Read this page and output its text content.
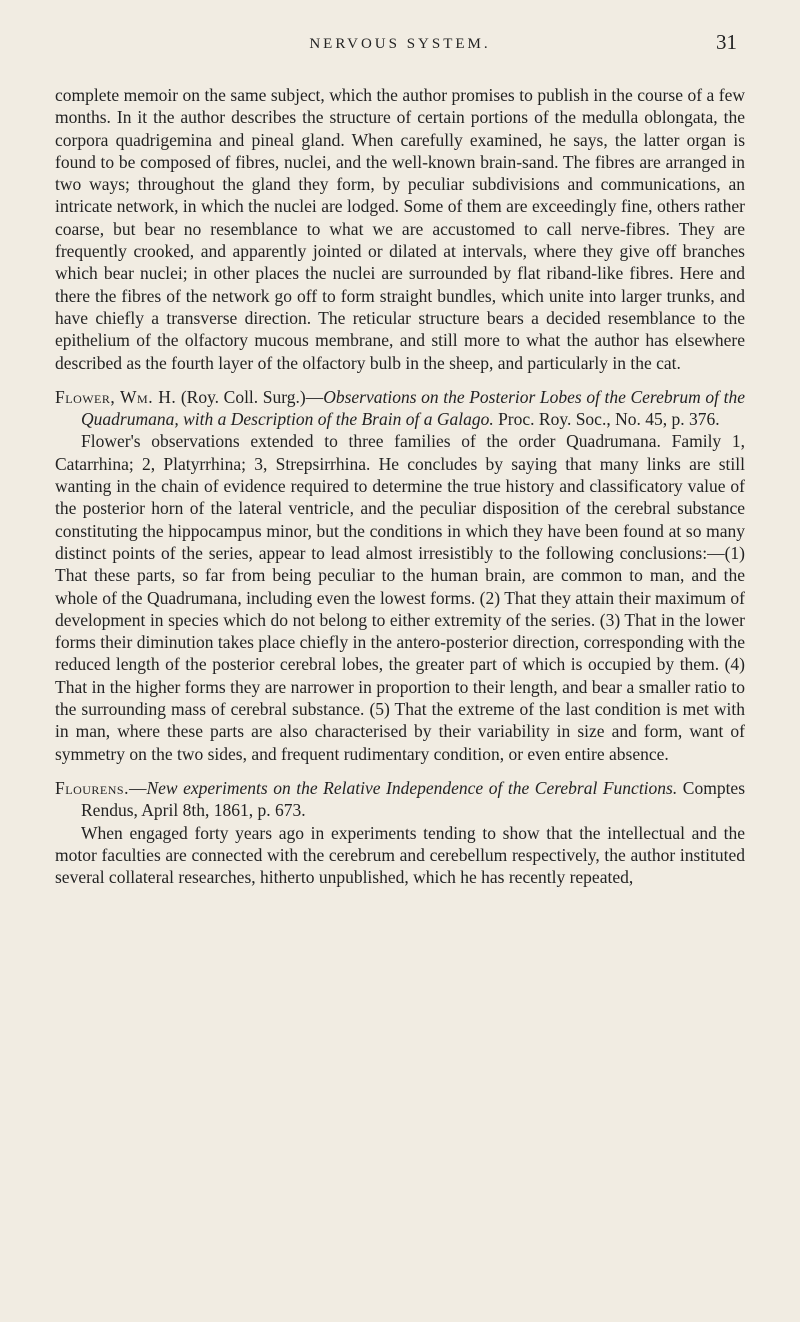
NERVOUS SYSTEM.	31

complete memoir on the same subject, which the author promises to publish in the course of a few months. In it the author describes the structure of certain portions of the medulla oblongata, the corpora quadrigemina and pineal gland. When carefully examined, he says, the latter organ is found to be composed of fibres, nuclei, and the well-known brain-sand. The fibres are arranged in two ways; throughout the gland they form, by peculiar subdivisions and communications, an intricate network, in which the nuclei are lodged. Some of them are exceedingly fine, others rather coarse, but bear no resemblance to what we are accustomed to call nerve-fibres. They are frequently crooked, and apparently jointed or dilated at intervals, where they give off branches which bear nuclei; in other places the nuclei are surrounded by flat riband-like fibres. Here and there the fibres of the network go off to form straight bundles, which unite into larger trunks, and have chiefly a transverse direction. The reticular structure bears a decided resemblance to the epithelium of the olfactory mucous membrane, and still more to what the author has elsewhere described as the fourth layer of the olfactory bulb in the sheep, and particularly in the cat.

Flower, Wm. H. (Roy. Coll. Surg.)—Observations on the Posterior Lobes of the Cerebrum of the Quadrumana, with a Description of the Brain of a Galago. Proc. Roy. Soc., No. 45, p. 376.

Flower's observations extended to three families of the order Quadrumana. Family 1, Catarrhina; 2, Platyrrhina; 3, Strepsirrhina. He concludes by saying that many links are still wanting in the chain of evidence required to determine the true history and classificatory value of the posterior horn of the lateral ventricle, and the peculiar disposition of the cerebral substance constituting the hippocampus minor, but the conditions in which they have been found at so many distinct points of the series, appear to lead almost irresistibly to the following conclusions:—(1) That these parts, so far from being peculiar to the human brain, are common to man, and the whole of the Quadrumana, including even the lowest forms. (2) That they attain their maximum of development in species which do not belong to either extremity of the series. (3) That in the lower forms their diminution takes place chiefly in the antero-posterior direction, corresponding with the reduced length of the posterior cerebral lobes, the greater part of which is occupied by them. (4) That in the higher forms they are narrower in proportion to their length, and bear a smaller ratio to the surrounding mass of cerebral substance. (5) That the extreme of the last condition is met with in man, where these parts are also characterised by their variability in size and form, want of symmetry on the two sides, and frequent rudimentary condition, or even entire absence.

Flourens.—New experiments on the Relative Independence of the Cerebral Functions. Comptes Rendus, April 8th, 1861, p. 673.

When engaged forty years ago in experiments tending to show that the intellectual and the motor faculties are connected with the cerebrum and cerebellum respectively, the author instituted several collateral researches, hitherto unpublished, which he has recently repeated,
